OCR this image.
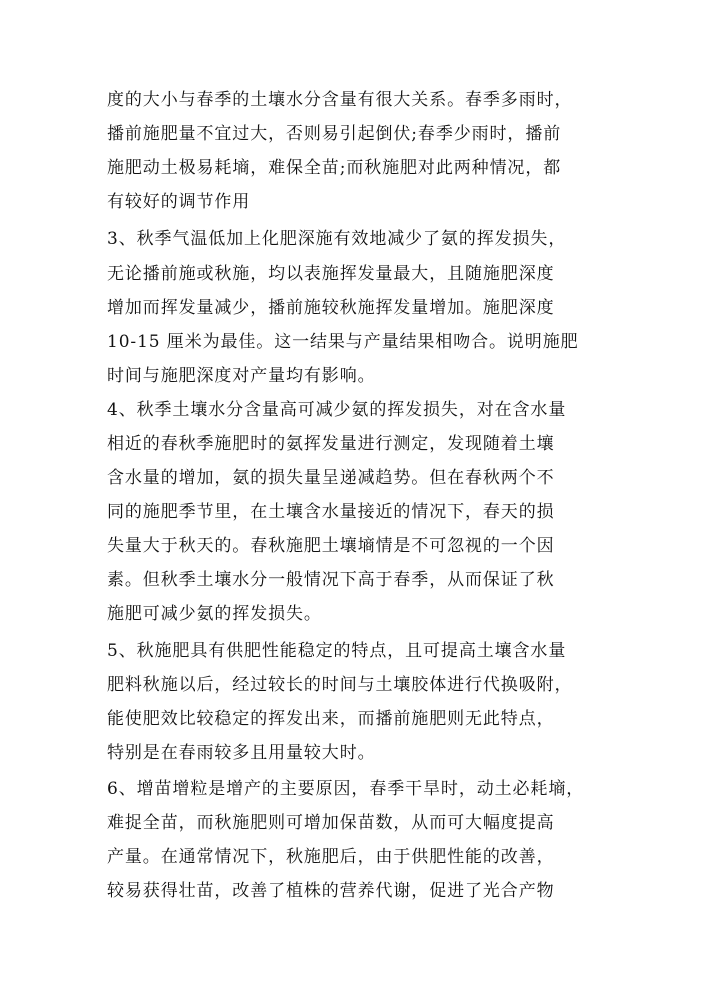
度的大小与春季的土壤水分含量有很大关系。春季多雨时，
播前施肥量不宜过大，否则易引起倒伏;春季少雨时，播前
施肥动土极易耗墒，难保全苗;而秋施肥对此两种情况，都
有较好的调节作用
3、秋季气温低加上化肥深施有效地减少了氨的挥发损失，
无论播前施或秋施，均以表施挥发量最大，且随施肥深度
增加而挥发量减少，播前施较秋施挥发量增加。施肥深度
10-15 厘米为最佳。这一结果与产量结果相吻合。说明施肥
时间与施肥深度对产量均有影响。
4、秋季土壤水分含量高可减少氨的挥发损失，对在含水量
相近的春秋季施肥时的氨挥发量进行测定，发现随着土壤
含水量的增加，氨的损失量呈递减趋势。但在春秋两个不
同的施肥季节里，在土壤含水量接近的情况下，春天的损
失量大于秋天的。春秋施肥土壤墒情是不可忽视的一个因
素。但秋季土壤水分一般情况下高于春季，从而保证了秋
施肥可减少氨的挥发损失。
5、秋施肥具有供肥性能稳定的特点，且可提高土壤含水量
肥料秋施以后，经过较长的时间与土壤胶体进行代换吸附，
能使肥效比较稳定的挥发出来，而播前施肥则无此特点，
特别是在春雨较多且用量较大时。
6、增苗增粒是增产的主要原因，春季干旱时，动土必耗墒，
难捉全苗，而秋施肥则可增加保苗数，从而可大幅度提高
产量。在通常情况下，秋施肥后，由于供肥性能的改善，
较易获得壮苗，改善了植株的营养代谢，促进了光合产物
